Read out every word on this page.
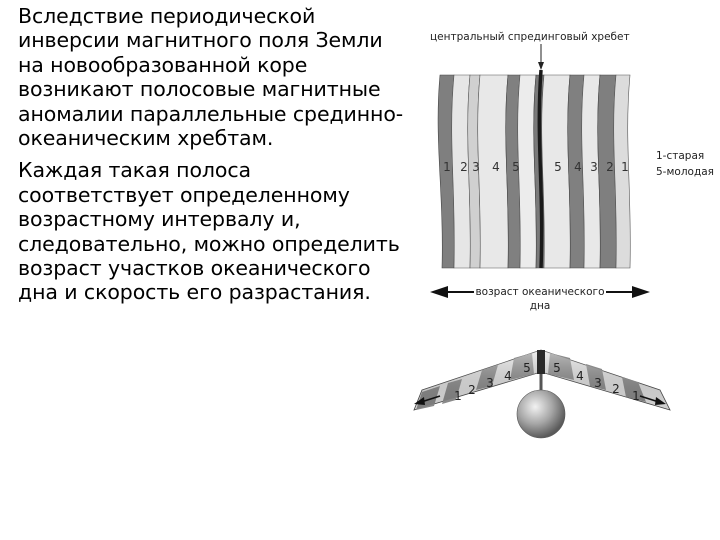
Вследствие периодической инверсии магнитного поля Земли на новообразованной коре возникают полосовые магнитные аномалии параллельные срединно-океаническим хребтам.

Каждая такая полоса соответствует определенному возрастному интервалу и, следовательно, можно определить возраст участков океанического дна и скорость его разрастания.

центральный спрединговый хребет
1 2 3 4 5	5 4 3 2 1
1-старая
5-молодая
возраст океанического
дна
1 2 3 4
5 5
4 3 2 1
